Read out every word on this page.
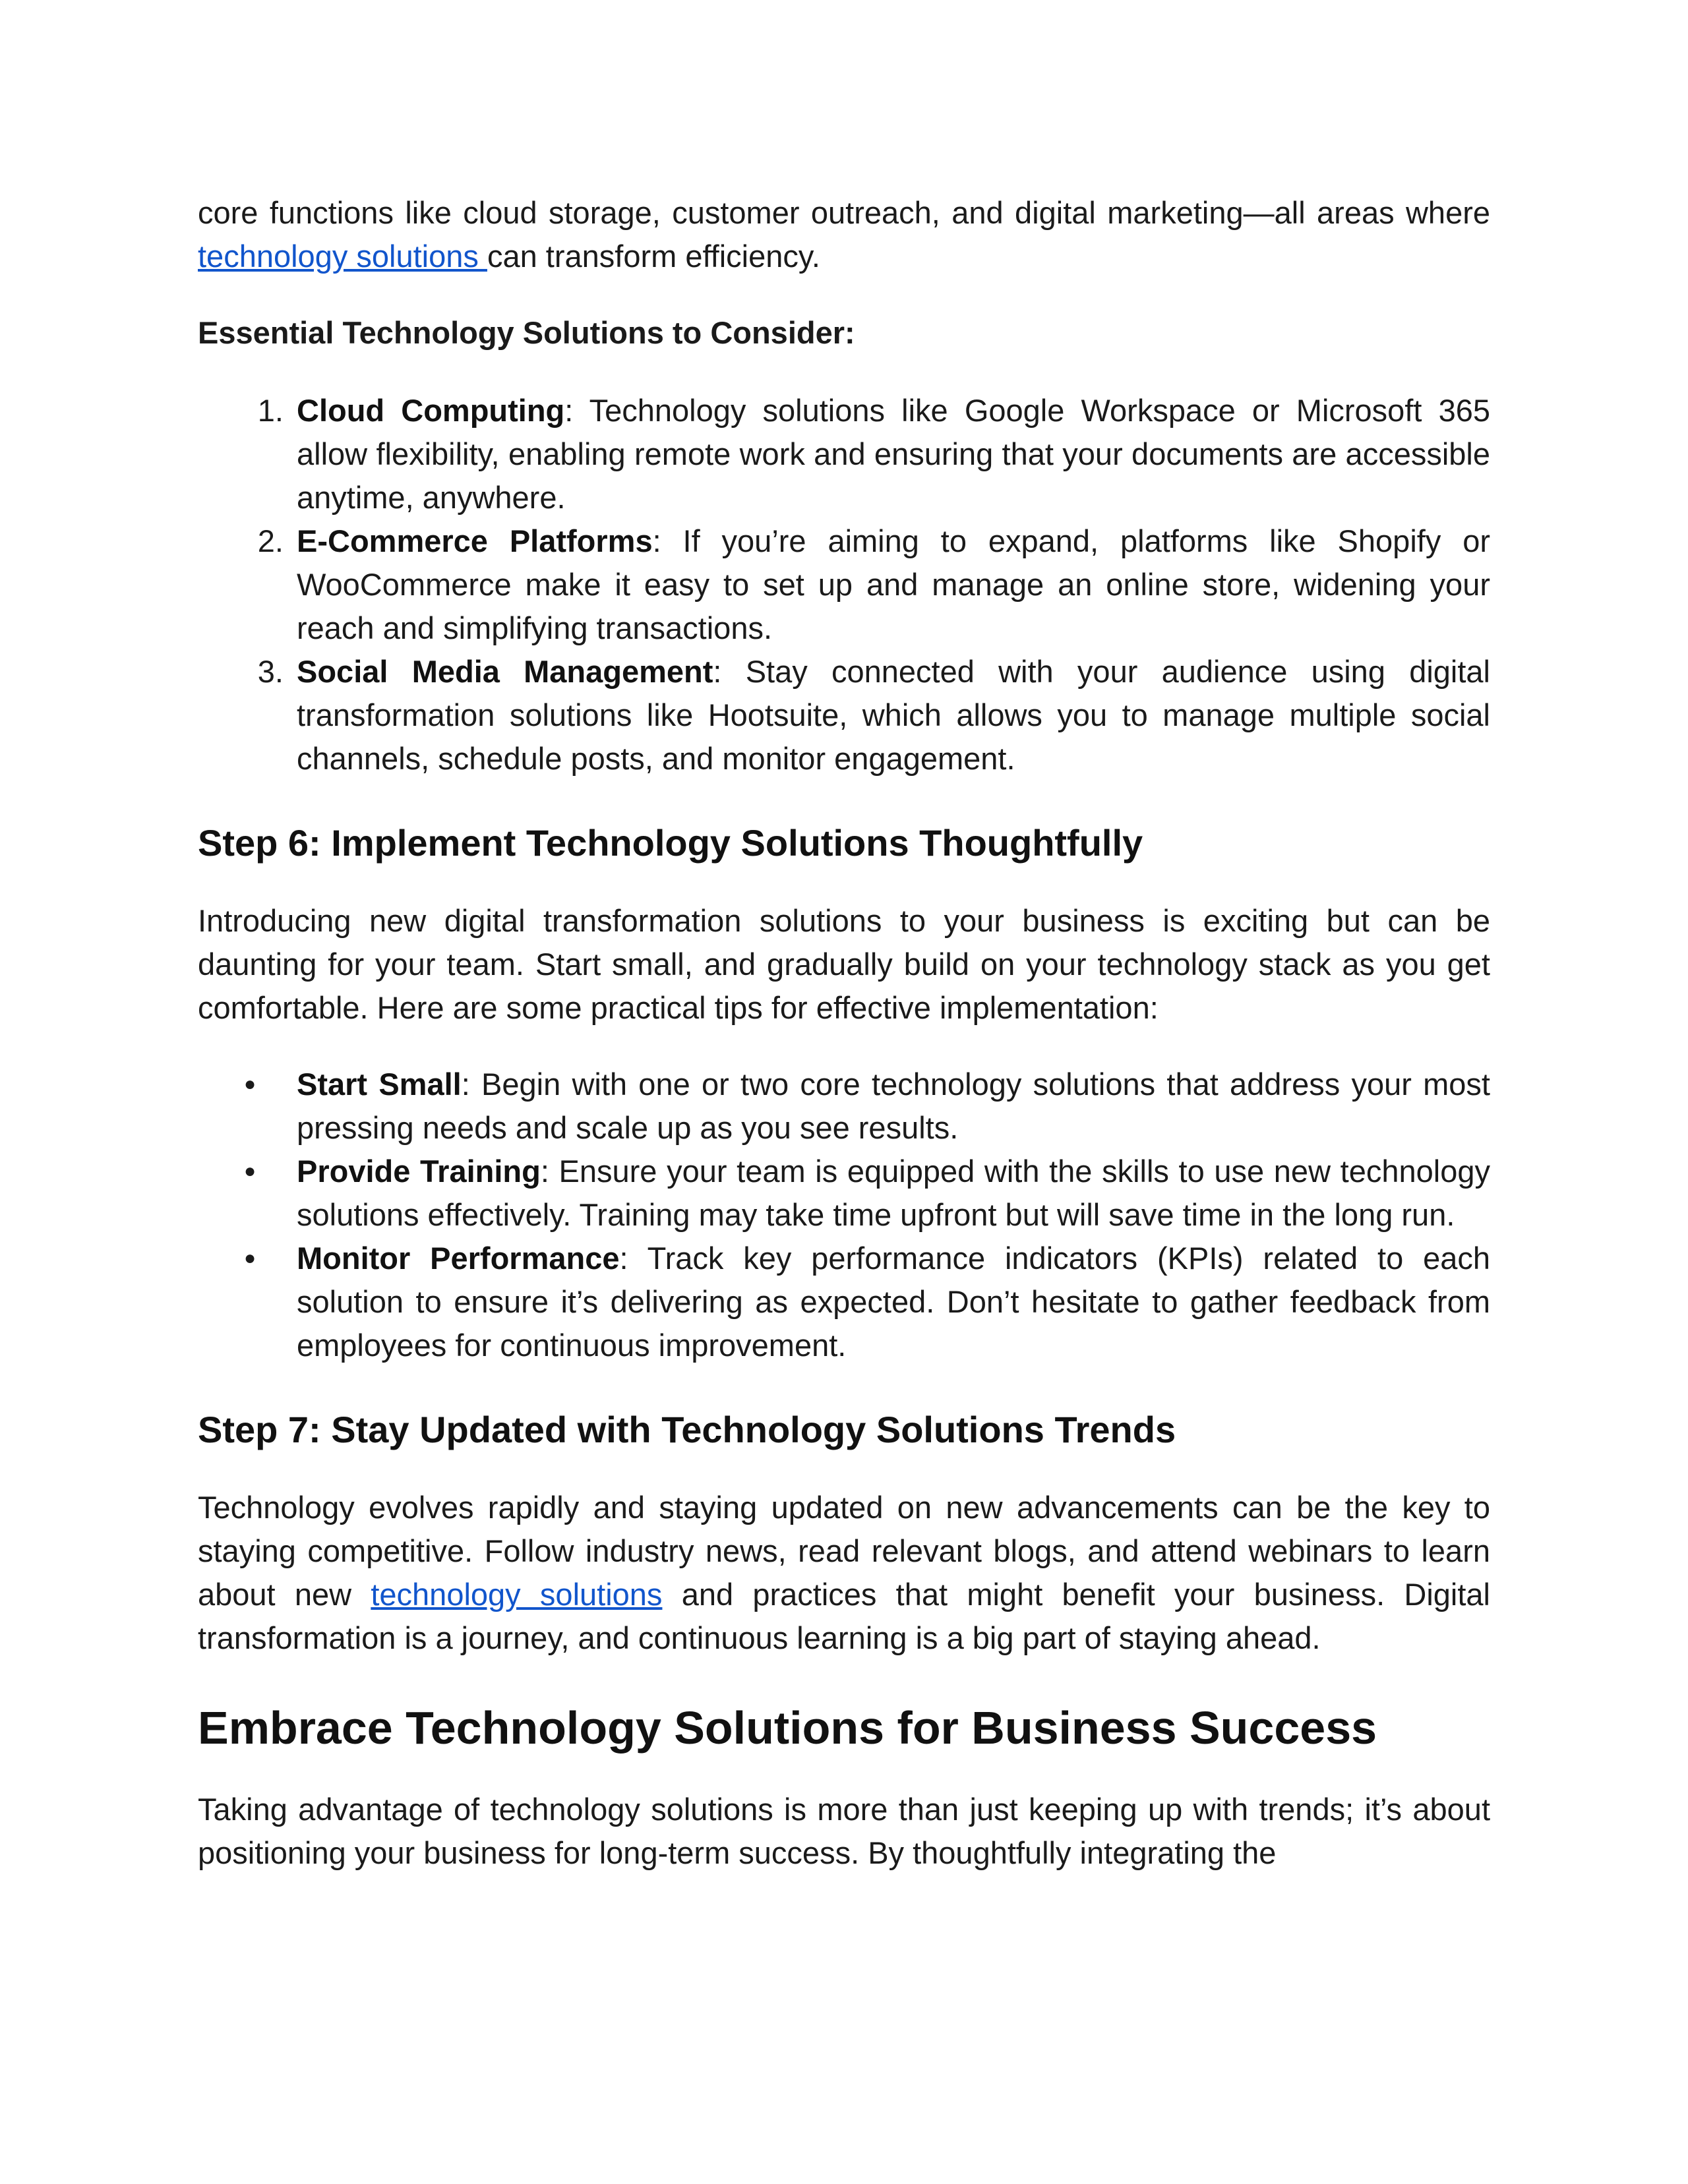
core functions like cloud storage, customer outreach, and digital marketing—all areas where technology solutions can transform efficiency.

Essential Technology Solutions to Consider:

1. Cloud Computing: Technology solutions like Google Workspace or Microsoft 365 allow flexibility, enabling remote work and ensuring that your documents are accessible anytime, anywhere.
2. E-Commerce Platforms: If you’re aiming to expand, platforms like Shopify or WooCommerce make it easy to set up and manage an online store, widening your reach and simplifying transactions.
3. Social Media Management: Stay connected with your audience using digital transformation solutions like Hootsuite, which allows you to manage multiple social channels, schedule posts, and monitor engagement.
Step 6: Implement Technology Solutions Thoughtfully

Introducing new digital transformation solutions to your business is exciting but can be daunting for your team. Start small, and gradually build on your technology stack as you get comfortable. Here are some practical tips for effective implementation:

● Start Small: Begin with one or two core technology solutions that address your most pressing needs and scale up as you see results.
● Provide Training: Ensure your team is equipped with the skills to use new technology solutions effectively. Training may take time upfront but will save time in the long run.
● Monitor Performance: Track key performance indicators (KPIs) related to each solution to ensure it’s delivering as expected. Don’t hesitate to gather feedback from employees for continuous improvement.
Step 7: Stay Updated with Technology Solutions Trends

Technology evolves rapidly and staying updated on new advancements can be the key to staying competitive. Follow industry news, read relevant blogs, and attend webinars to learn about new technology solutions and practices that might benefit your business. Digital transformation is a journey, and continuous learning is a big part of staying ahead.

Embrace Technology Solutions for Business Success

Taking advantage of technology solutions is more than just keeping up with trends; it’s about positioning your business for long-term success. By thoughtfully integrating the
